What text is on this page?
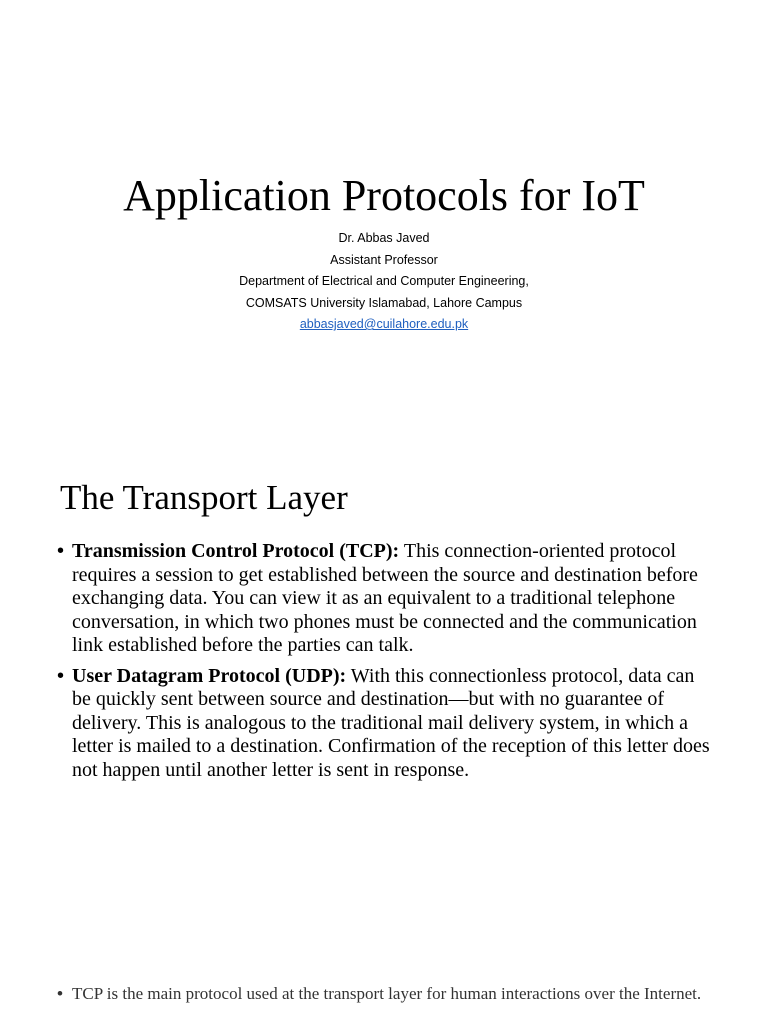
Application Protocols for IoT
Dr. Abbas Javed
Assistant Professor
Department of Electrical and Computer Engineering,
COMSATS University Islamabad, Lahore Campus
abbasjaved@cuilahore.edu.pk
The Transport Layer
• Transmission Control Protocol (TCP): This connection-oriented protocol requires a session to get established between the source and destination before exchanging data. You can view it as an equivalent to a traditional telephone conversation, in which two phones must be connected and the communication link established before the parties can talk.
• User Datagram Protocol (UDP): With this connectionless protocol, data can be quickly sent between source and destination—but with no guarantee of delivery. This is analogous to the traditional mail delivery system, in which a letter is mailed to a destination. Confirmation of the reception of this letter does not happen until another letter is sent in response.
• TCP is the main protocol used at the transport layer for human interactions over the Internet.
